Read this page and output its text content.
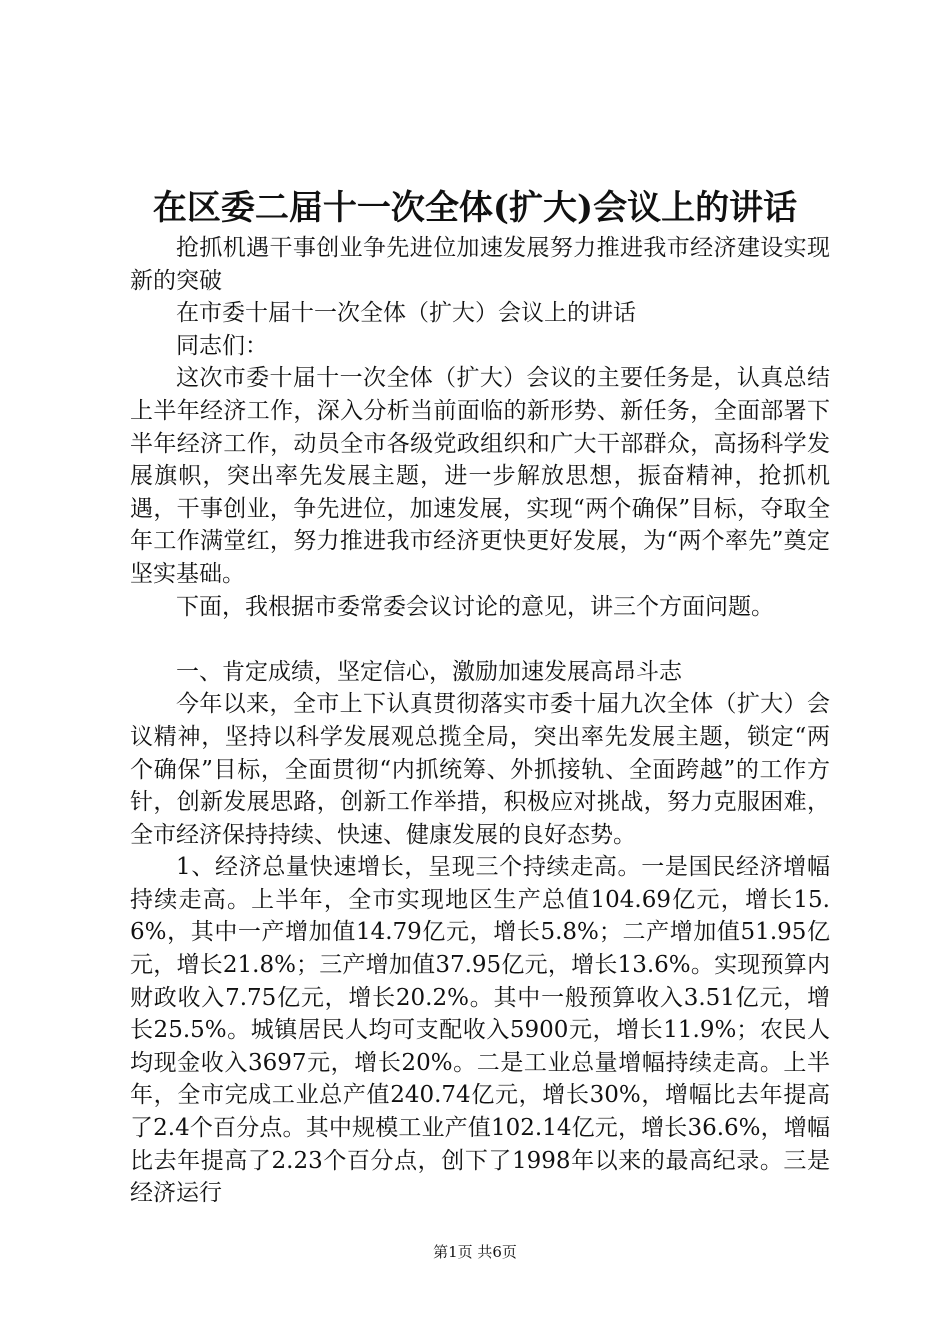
在区委二届十一次全体(扩大)会议上的讲话

抢抓机遇干事创业争先进位加速发展努力推进我市经济建设实现新的突破

在市委十届十一次全体（扩大）会议上的讲话

同志们：

这次市委十届十一次全体（扩大）会议的主要任务是，认真总结上半年经济工作，深入分析当前面临的新形势、新任务，全面部署下半年经济工作，动员全市各级党政组织和广大干部群众，高扬科学发展旗帜，突出率先发展主题，进一步解放思想，振奋精神，抢抓机遇，干事创业，争先进位，加速发展，实现“两个确保”目标，夺取全年工作满堂红，努力推进我市经济更快更好发展，为“两个率先”奠定坚实基础。

下面，我根据市委常委会议讨论的意见，讲三个方面问题。

一、肯定成绩，坚定信心，激励加速发展高昂斗志

今年以来，全市上下认真贯彻落实市委十届九次全体（扩大）会议精神，坚持以科学发展观总揽全局，突出率先发展主题，锁定“两个确保”目标，全面贯彻“内抓统筹、外抓接轨、全面跨越”的工作方针，创新发展思路，创新工作举措，积极应对挑战，努力克服困难，全市经济保持持续、快速、健康发展的良好态势。

1、经济总量快速增长，呈现三个持续走高。一是国民经济增幅持续走高。上半年，全市实现地区生产总值104.69亿元，增长15.6%，其中一产增加值14.79亿元，增长5.8%；二产增加值51.95亿元，增长21.8%；三产增加值37.95亿元，增长13.6%。实现预算内财政收入7.75亿元，增长20.2%。其中一般预算收入3.51亿元，增长25.5%。城镇居民人均可支配收入5900元，增长11.9%；农民人均现金收入3697元，增长20%。二是工业总量增幅持续走高。上半年，全市完成工业总产值240.74亿元，增长30%，增幅比去年提高了2.4个百分点。其中规模工业产值102.14亿元，增长36.6%，增幅比去年提高了2.23个百分点，创下了1998年以来的最高纪录。三是经济运行

第1页 共6页
